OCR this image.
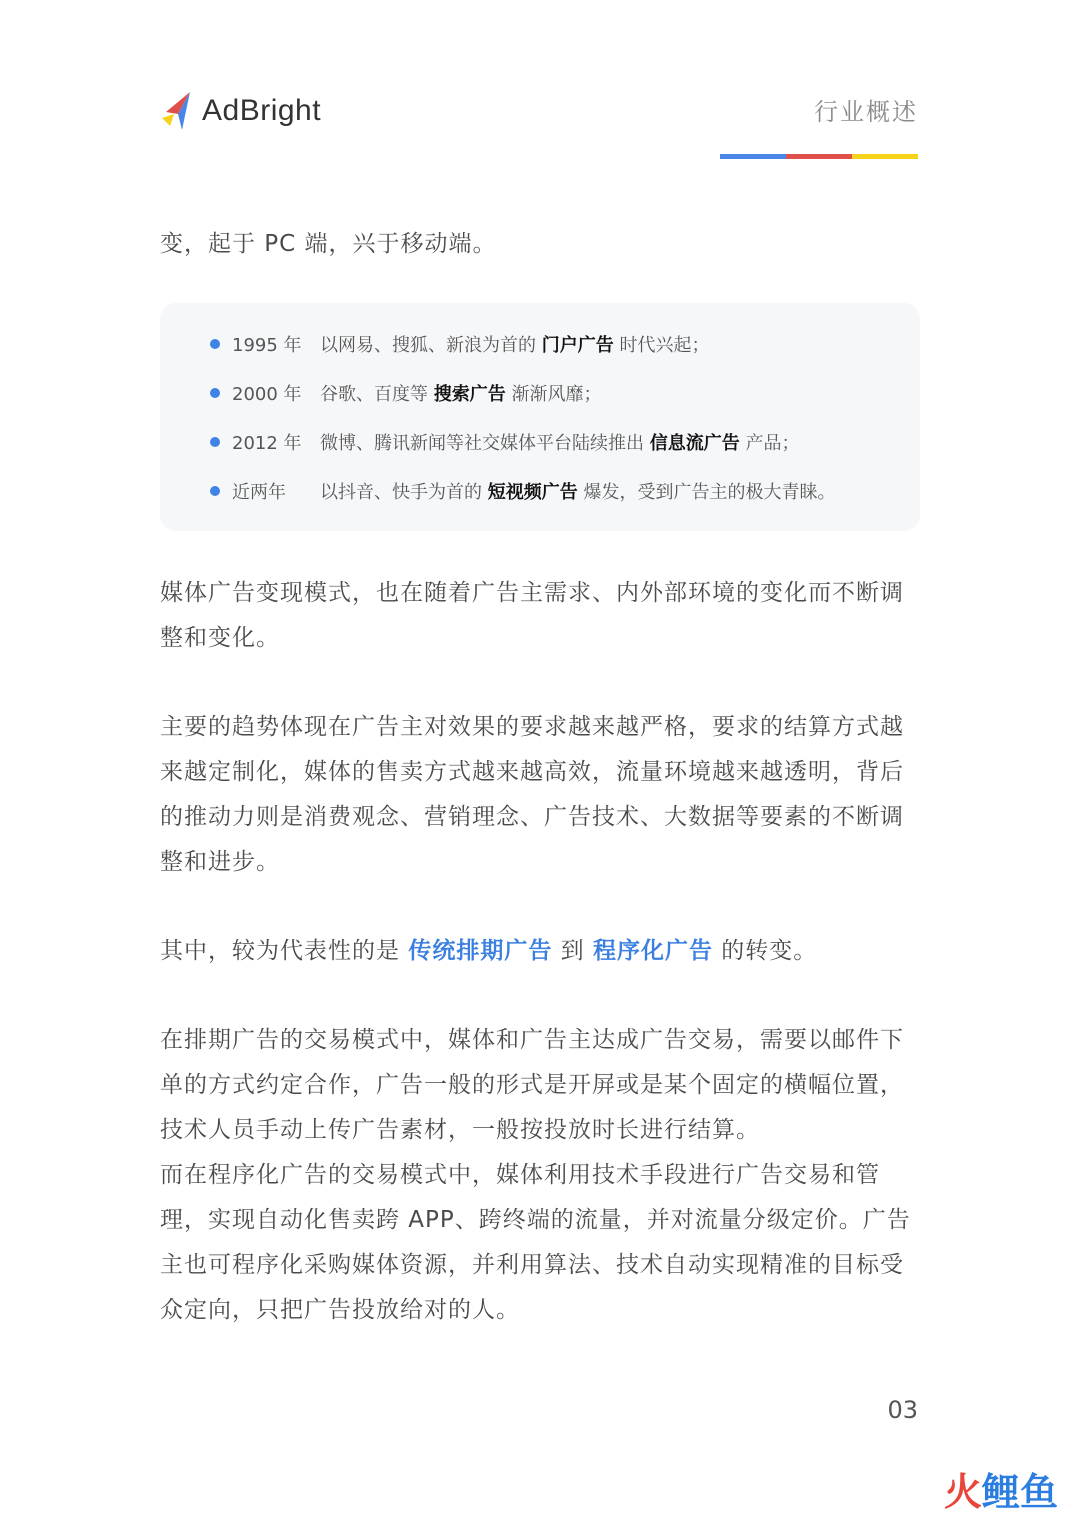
AdBright	行业概述

变，起于 PC 端，兴于移动端。

1995 年	以网易、搜狐、新浪为首的 门户广告 时代兴起；
2000 年	谷歌、百度等 搜索广告 渐渐风靡；
2012 年	微博、腾讯新闻等社交媒体平台陆续推出 信息流广告 产品；
近两年	以抖音、快手为首的 短视频广告 爆发，受到广告主的极大青睐。

媒体广告变现模式，也在随着广告主需求、内外部环境的变化而不断调整和变化。

主要的趋势体现在广告主对效果的要求越来越严格，要求的结算方式越来越定制化，媒体的售卖方式越来越高效，流量环境越来越透明，背后的推动力则是消费观念、营销理念、广告技术、大数据等要素的不断调整和进步。

其中，较为代表性的是 传统排期广告 到 程序化广告 的转变。

在排期广告的交易模式中，媒体和广告主达成广告交易，需要以邮件下单的方式约定合作，广告一般的形式是开屏或是某个固定的横幅位置，技术人员手动上传广告素材，一般按投放时长进行结算。

而在程序化广告的交易模式中，媒体利用技术手段进行广告交易和管理，实现自动化售卖跨 APP、跨终端的流量，并对流量分级定价。广告主也可程序化采购媒体资源，并利用算法、技术自动实现精准的目标受众定向，只把广告投放给对的人。

03
火 鲤鱼
